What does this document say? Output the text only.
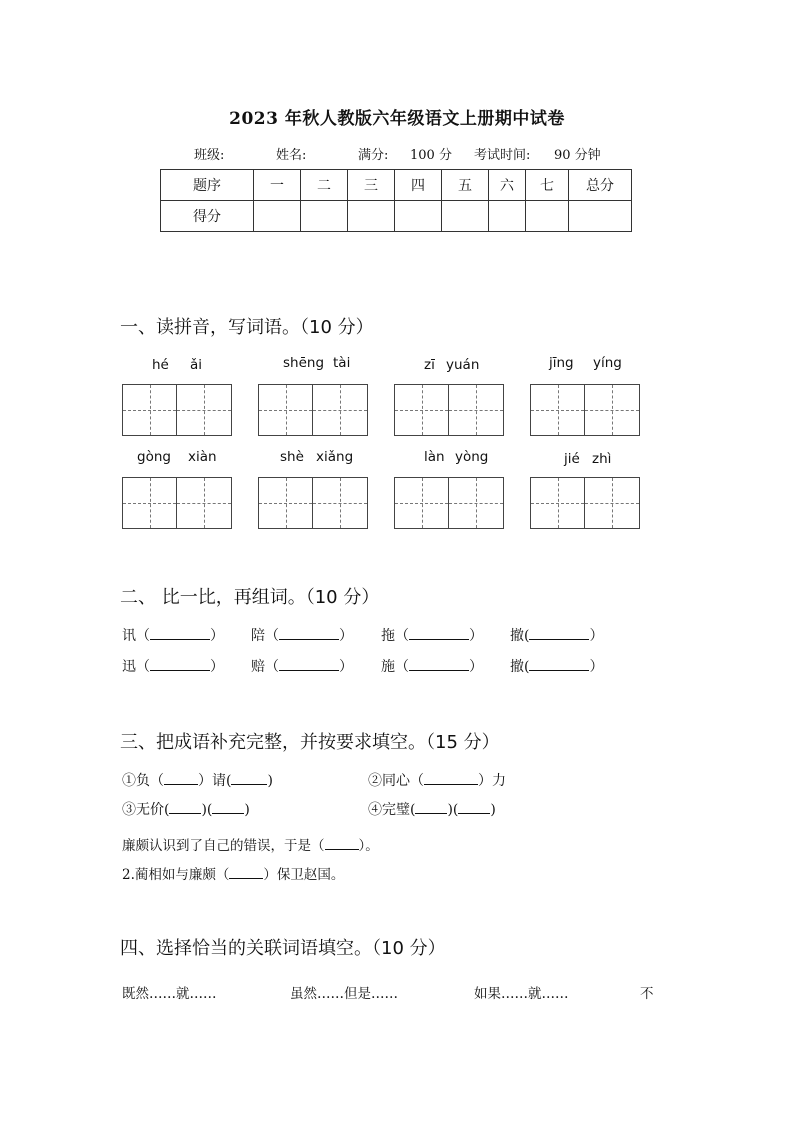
2023 年秋人教版六年级语文上册期中试卷
班级:	姓名:	满分: 100 分 考试时间: 90 分钟
题序	一	二	三	四	五	六	七	总分
得分								
一、读拼音，写词语。（10 分）
hé ǎi	shēng tài	zī yuán	jīng yíng
gòng xiàn	shè xiǎng	làn yòng	jié zhì
二、 比一比，再组词。（10 分）
讯（	） 陪（	） 拖（	） 撤(	）
迅（	） 赔（	） 施（	） 撤(	）
三、把成语补充完整，并按要求填空。（15 分）
①负（ ）请(	)	②同心（	）力
③无价( )( )	④完璧( )( )
廉颇认识到了自己的错误，于是（	）。
2.蔺相如与廉颇（	）保卫赵国。
四、选择恰当的关联词语填空。（10 分）
既然……就……	虽然……但是……	如果……就……	不
